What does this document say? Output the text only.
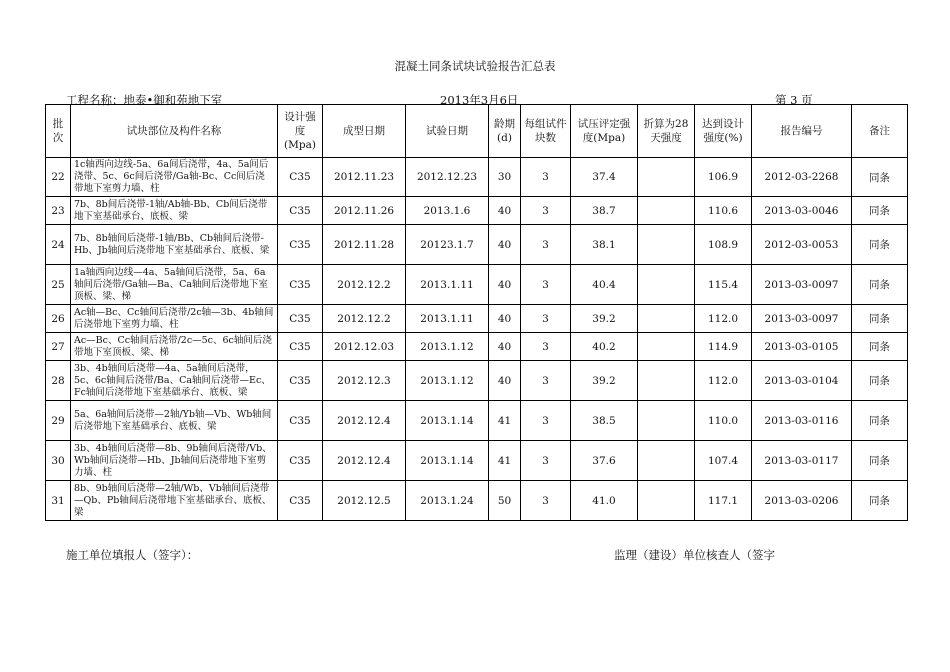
混凝土同条试块试验报告汇总表
工程名称：地泰•御和苑地下室	2013年3月6日	第 3 页
批次	试块部位及构件名称	设计强度(Mpa)	成型日期	试验日期	龄期(d)	每组试件块数	试压评定强度(Mpa)	折算为28天强度	达到设计强度(%)	报告编号	备注
22	1c轴西向边线-5a、6a间后浇带，4a、5a间后浇带、5c、6c间后浇带/Ga轴-Bc、Cc间后浇带地下室剪力墙、柱	C35	2012.11.23	2012.12.23	30	3	37.4		106.9	2012-03-2268	同条
23	7b、8b间后浇带-1轴/Ab轴-Bb、Cb间后浇带地下室基础承台、底板、梁	C35	2012.11.26	2013.1.6	40	3	38.7		110.6	2013-03-0046	同条
24	7b、8b轴间后浇带-1轴/Bb、Cb轴间后浇带-Hb、Jb轴间后浇带地下室基础承台、底板、梁	C35	2012.11.28	20123.1.7	40	3	38.1		108.9	2012-03-0053	同条
25	1a轴西向边线—4a、5a轴间后浇带，5a、6a轴间后浇带/Ga轴—Ba、Ca轴间后浇带地下室顶板、梁、梯	C35	2012.12.2	2013.1.11	40	3	40.4		115.4	2013-03-0097	同条
26	Ac轴—Bc、Cc轴间后浇带/2c轴—3b、4b轴间后浇带地下室剪力墙、柱	C35	2012.12.2	2013.1.11	40	3	39.2		112.0	2013-03-0097	同条
27	Ac—Bc、Cc轴间后浇带/2c—5c、6c轴间后浇带地下室顶板、梁、梯	C35	2012.12.03	2013.1.12	40	3	40.2		114.9	2013-03-0105	同条
28	3b、4b轴间后浇带—4a、5a轴间后浇带，5c、6c轴间后浇带/Ba、Ca轴间后浇带—Ec、Fc轴间后浇带地下室基础承台、底板、梁	C35	2012.12.3	2013.1.12	40	3	39.2		112.0	2013-03-0104	同条
29	5a、6a轴间后浇带—2轴/Yb轴—Vb、Wb轴间后浇带地下室基础承台、底板、梁	C35	2012.12.4	2013.1.14	41	3	38.5		110.0	2013-03-0116	同条
30	3b、4b轴间后浇带—8b、9b轴间后浇带/Vb、Wb轴间后浇带—Hb、Jb轴间后浇带地下室剪力墙、柱	C35	2012.12.4	2013.1.14	41	3	37.6		107.4	2013-03-0117	同条
31	8b、9b轴间后浇带—2轴/Wb、Vb轴间后浇带—Qb、Pb轴间后浇带地下室基础承台、底板、梁	C35	2012.12.5	2013.1.24	50	3	41.0		117.1	2013-03-0206	同条
施工单位填报人（签字）：	监理（建设）单位核查人（签字
